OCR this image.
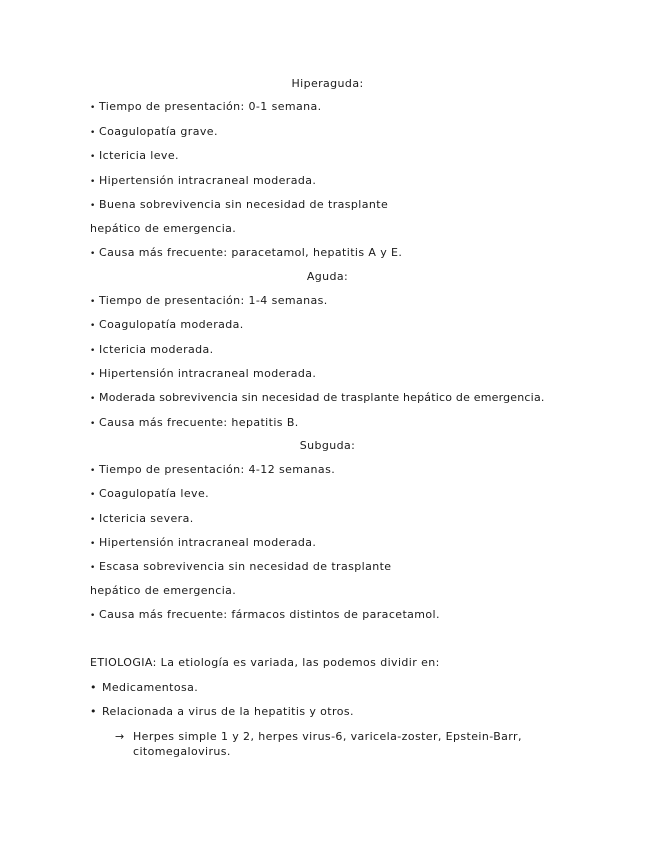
Hiperaguda:
• Tiempo de presentación: 0-1 semana.
• Coagulopatía grave.
• Ictericia leve.
• Hipertensión intracraneal moderada.
• Buena sobrevivencia sin necesidad de trasplante
hepático de emergencia.
• Causa más frecuente: paracetamol, hepatitis A y E.
Aguda:
• Tiempo de presentación: 1-4 semanas.
• Coagulopatía moderada.
• Ictericia moderada.
• Hipertensión intracraneal moderada.
• Moderada sobrevivencia sin necesidad de trasplante hepático de emergencia.
• Causa más frecuente: hepatitis B.
Subguda:
• Tiempo de presentación: 4-12 semanas.
• Coagulopatía leve.
• Ictericia severa.
• Hipertensión intracraneal moderada.
• Escasa sobrevivencia sin necesidad de trasplante
hepático de emergencia.
• Causa más frecuente: fármacos distintos de paracetamol.
ETIOLOGIA: La etiología es variada, las podemos dividir en:
• Medicamentosa.
• Relacionada a virus de la hepatitis y otros.
→ Herpes simple 1 y 2, herpes virus-6, varicela-zoster, Epstein-Barr, citomegalovirus.
